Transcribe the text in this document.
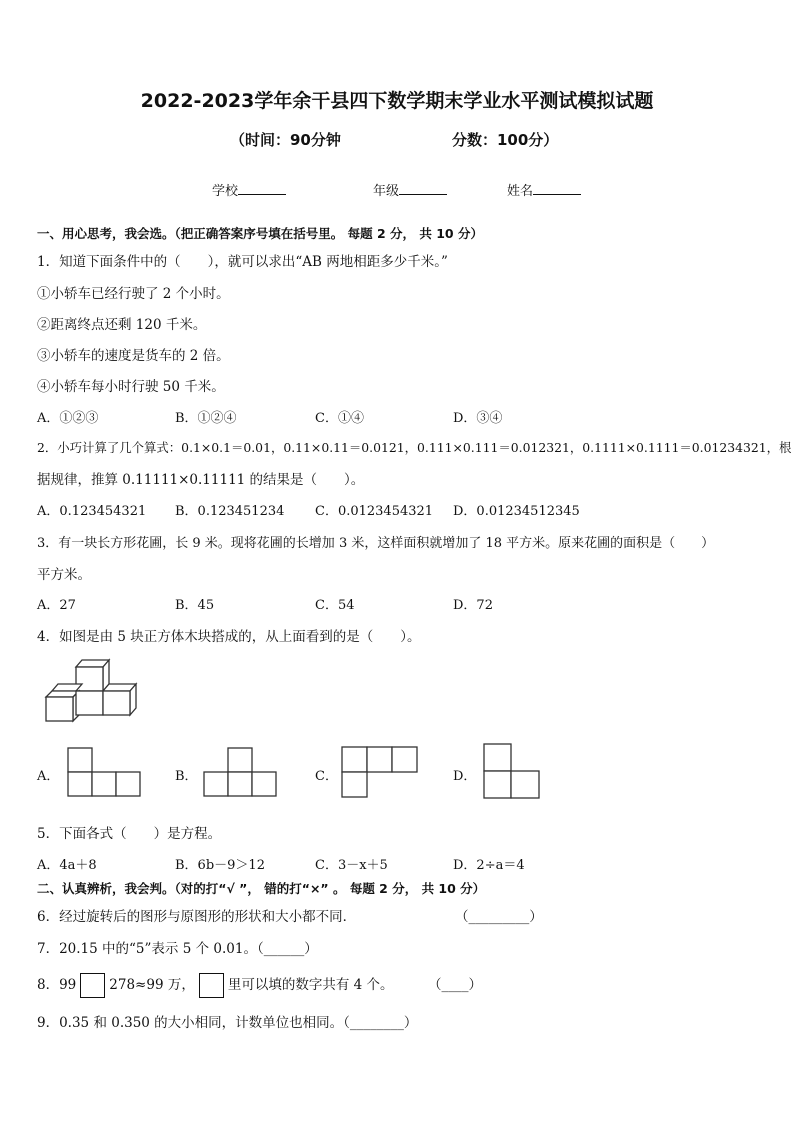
2022-2023学年余干县四下数学期末学业水平测试模拟试题
（时间：90分钟	分数：100分）
学校	年级	姓名
一、用心思考，我会选。（把正确答案序号填在括号里。 每题 2 分， 共 10 分）
1．知道下面条件中的（　　），就可以求出“AB 两地相距多少千米。”
①小轿车已经行驶了 2 个小时。
②距离终点还剩 120 千米。
③小轿车的速度是货车的 2 倍。
④小轿车每小时行驶 50 千米。
A．①②③	B．①②④	C．①④	D．③④
2．小巧计算了几个算式：0.1×0.1＝0.01，0.11×0.11＝0.0121，0.111×0.111＝0.012321，0.1111×0.1111＝0.01234321，根
据规律，推算 0.11111×0.11111 的结果是（　　）。
A．0.123454321 B．0.123451234 C．0.0123454321 D．0.01234512345
3．有一块长方形花圃，长 9 米。现将花圃的长增加 3 米，这样面积就增加了 18 平方米。原来花圃的面积是（　　）
平方米。
A．27	B．45	C．54	D．72
4．如图是由 5 块正方体木块搭成的，从上面看到的是（　　）。
A．	B．	C．	D．
5．下面各式（　　）是方程。
A．4a＋8	B．6b－9＞12	C．3－x＋5	D．2÷a＝4
二、认真辨析，我会判。（对的打“√ ”， 错的打“×” 。 每题 2 分， 共 10 分）
6．经过旋转后的图形与原图形的形状和大小都不同．	（_________）
7．20.15 中的“5”表示 5 个 0.01。（______）
8．99 278≈99 万， 里可以填的数字共有 4 个。	（____）
9．0.35 和 0.350 的大小相同，计数单位也相同。（________）
